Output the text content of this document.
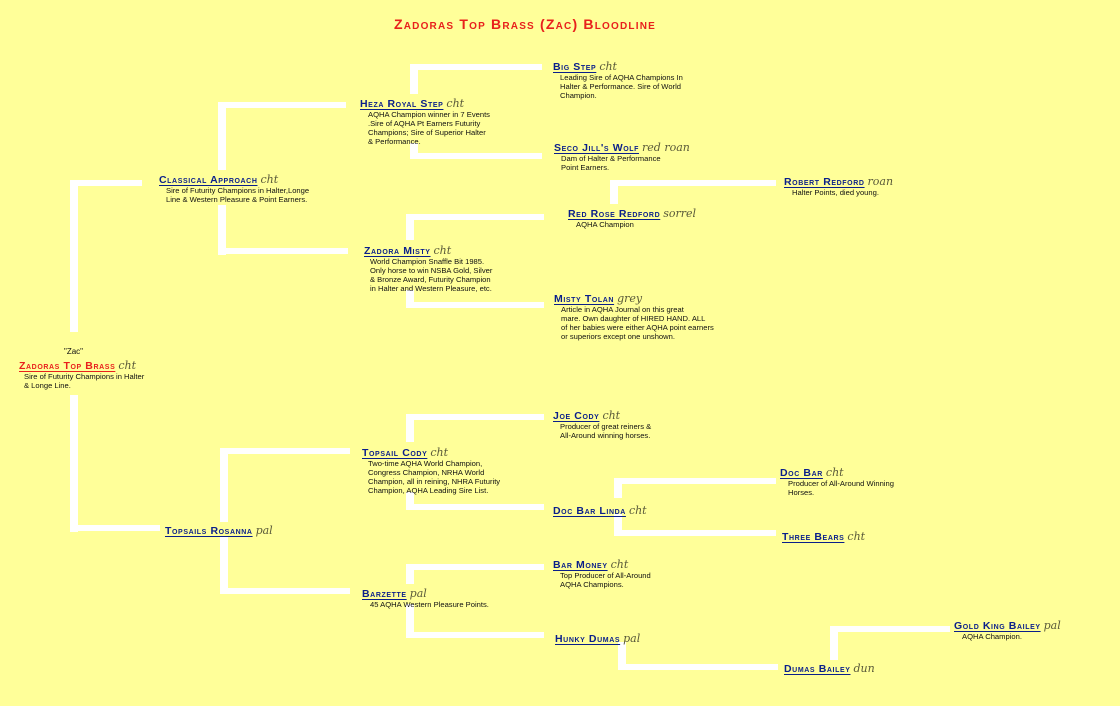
Zadoras Top Brass (Zac) Bloodline
"Zac"
Zadoras Top Brass cht
Sire of Futurity Champions in Halter
& Longe Line.
Classical Approach cht
Sire of Futurity Champions in Halter,Longe
Line & Western Pleasure & Point Earners.
Topsails Rosanna pal
Heza Royal Step cht
AQHA Champion winner in 7 Events
.Sire of AQHA Pt Earners Futurity
Champions; Sire of Superior Halter
& Performance.
Zadora Misty cht
World Champion Snaffle Bit 1985.
Only horse to win NSBA Gold, Silver
& Bronze Award, Futurity Champion
in Halter and Western Pleasure, etc.
Topsail Cody cht
Two-time AQHA World Champion,
Congress Champion, NRHA World
Champion, all in reining, NHRA Futurity
Champion, AQHA Leading Sire List.
Barzette pal
45 AQHA Western Pleasure Points.
Big Step cht
Leading Sire of AQHA Champions In
Halter & Performance. Sire of World
Champion.
Seco Jill's Wolf red roan
Dam of Halter & Performance
Point Earners.
Red Rose Redford sorrel
AQHA Champion
Misty Tolan grey
Article in AQHA Journal on this great
mare. Own daughter of HIRED HAND. ALL
of her babies were either AQHA point earners
or superiors except one unshown.
Joe Cody cht
Producer of great reiners &
All-Around winning horses.
Doc Bar Linda cht
Bar Money cht
Top Producer of All-Around
AQHA Champions.
Hunky Dumas pal
Robert Redford roan
Halter Points, died young.
Doc Bar cht
Producer of All-Around Winning
Horses.
Three Bears cht
Dumas Bailey dun
Gold King Bailey pal
AQHA Champion.
